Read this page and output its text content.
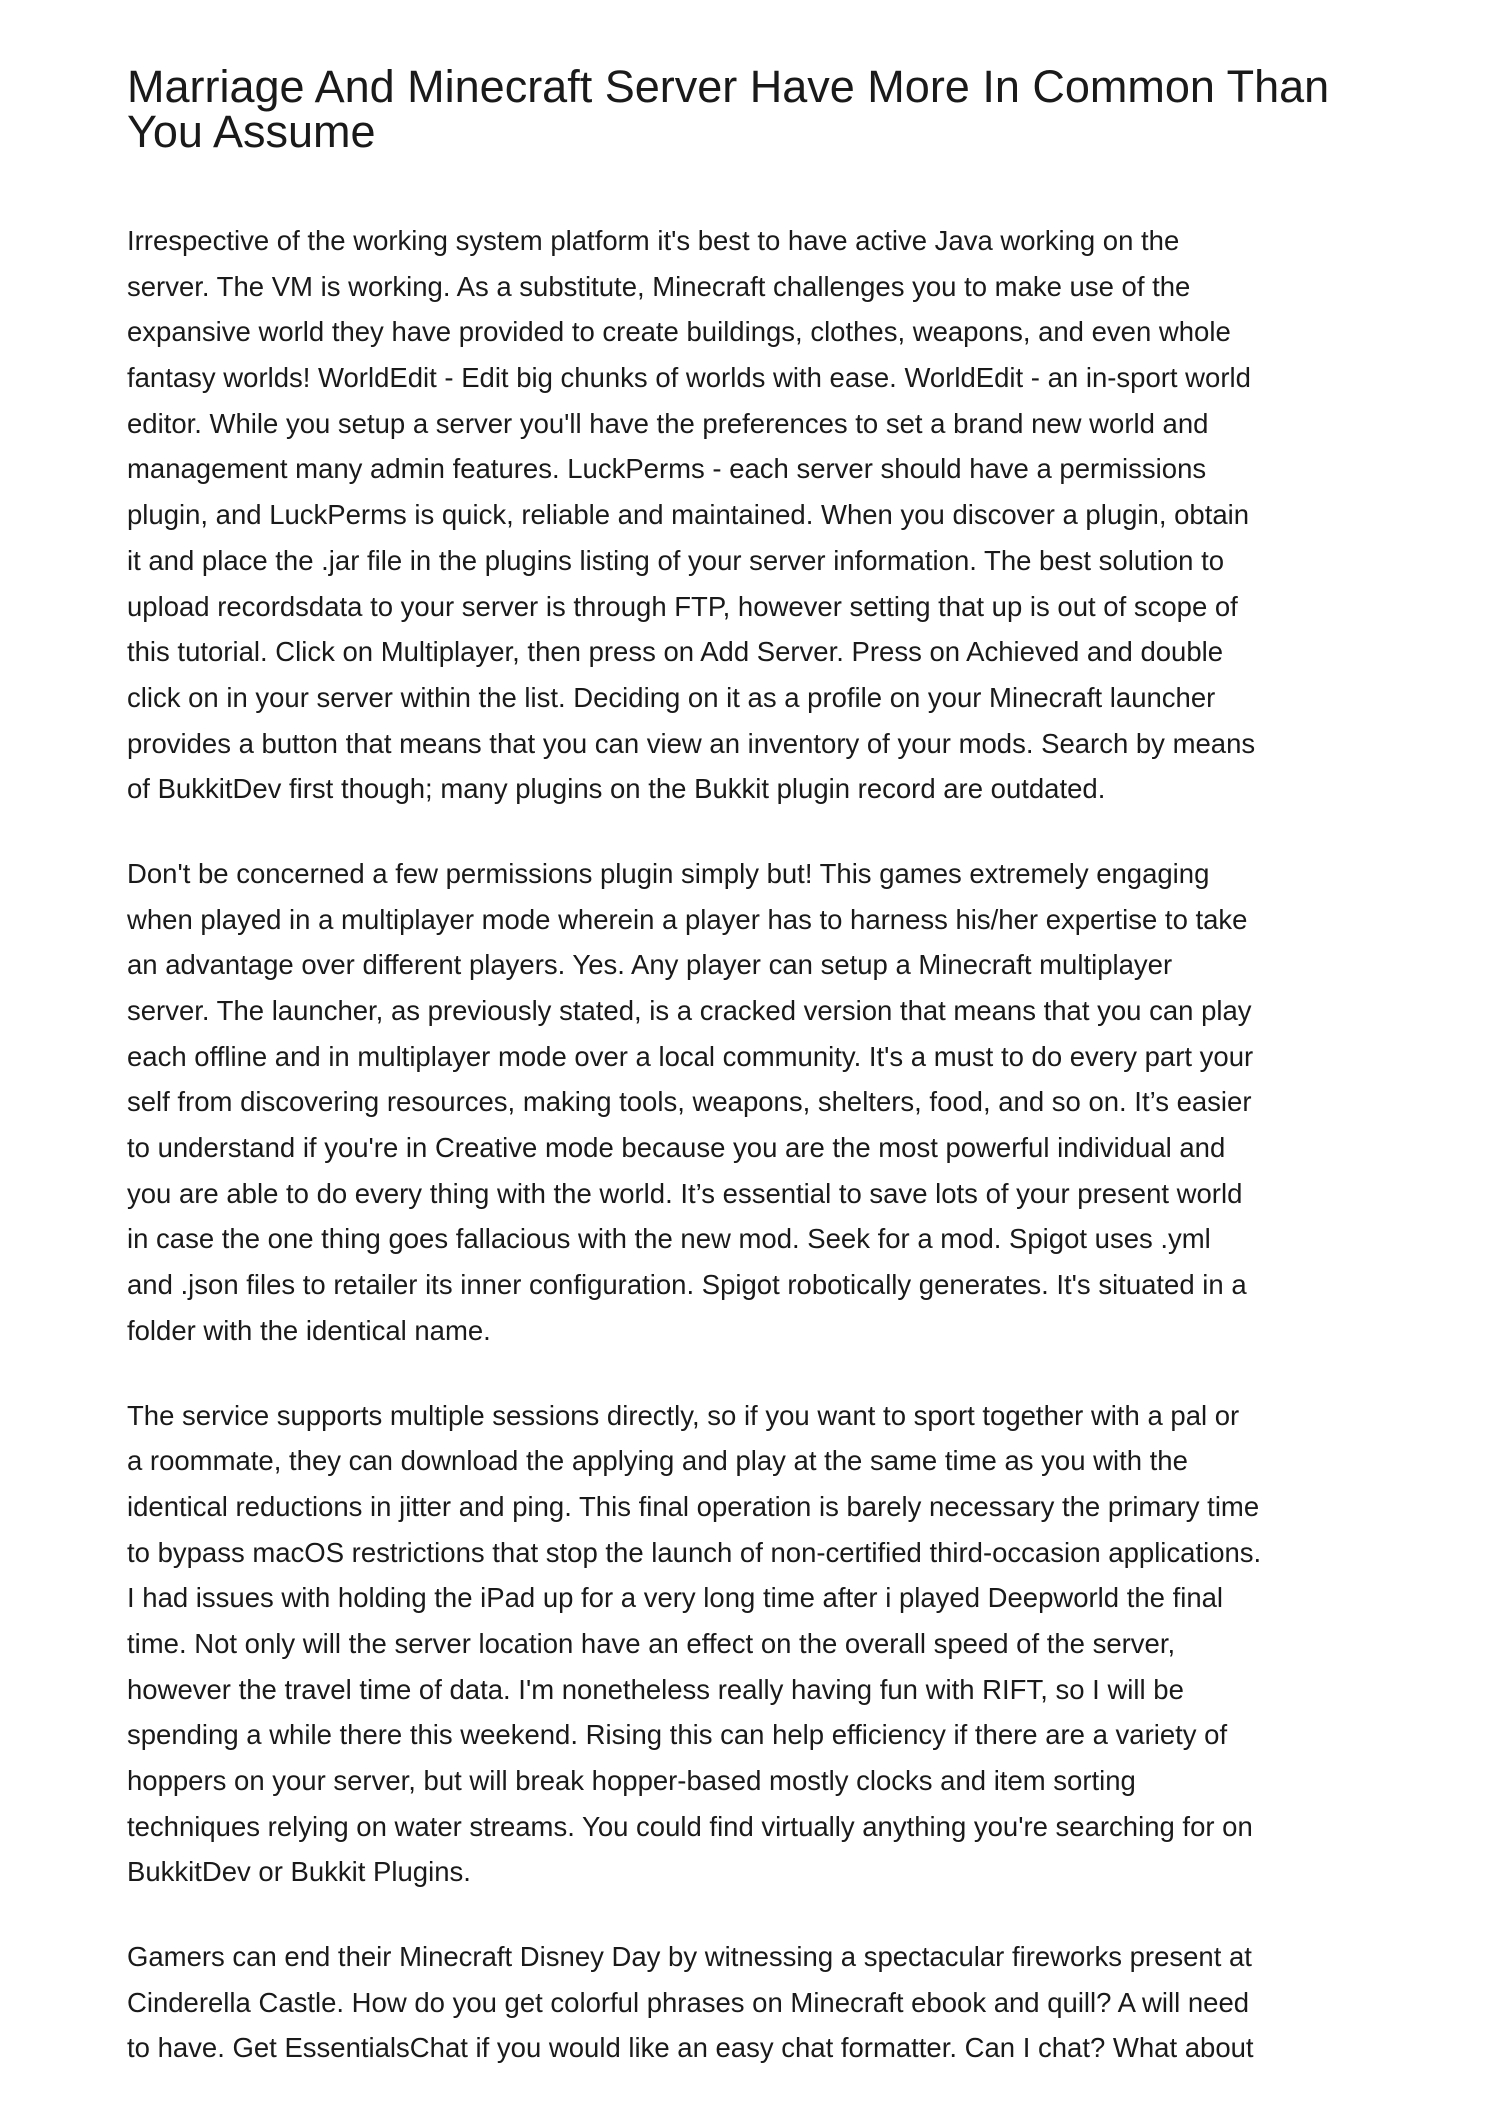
Marriage And Minecraft Server Have More In Common Than
You Assume

Irrespective of the working system platform it's best to have active Java working on the
server. The VM is working. As a substitute, Minecraft challenges you to make use of the
expansive world they have provided to create buildings, clothes, weapons, and even whole
fantasy worlds! WorldEdit - Edit big chunks of worlds with ease. WorldEdit - an in-sport world
editor. While you setup a server you'll have the preferences to set a brand new world and
management many admin features. LuckPerms - each server should have a permissions
plugin, and LuckPerms is quick, reliable and maintained. When you discover a plugin, obtain
it and place the .jar file in the plugins listing of your server information. The best solution to
upload recordsdata to your server is through FTP, however setting that up is out of scope of
this tutorial. Click on Multiplayer, then press on Add Server. Press on Achieved and double
click on in your server within the list. Deciding on it as a profile on your Minecraft launcher
provides a button that means that you can view an inventory of your mods. Search by means
of BukkitDev first though; many plugins on the Bukkit plugin record are outdated.

Don't be concerned a few permissions plugin simply but! This games extremely engaging
when played in a multiplayer mode wherein a player has to harness his/her expertise to take
an advantage over different players. Yes. Any player can setup a Minecraft multiplayer
server. The launcher, as previously stated, is a cracked version that means that you can play
each offline and in multiplayer mode over a local community. It's a must to do every part your
self from discovering resources, making tools, weapons, shelters, food, and so on. It’s easier
to understand if you're in Creative mode because you are the most powerful individual and
you are able to do every thing with the world. It’s essential to save lots of your present world
in case the one thing goes fallacious with the new mod. Seek for a mod. Spigot uses .yml
and .json files to retailer its inner configuration. Spigot robotically generates. It's situated in a
folder with the identical name.

The service supports multiple sessions directly, so if you want to sport together with a pal or
a roommate, they can download the applying and play at the same time as you with the
identical reductions in jitter and ping. This final operation is barely necessary the primary time
to bypass macOS restrictions that stop the launch of non-certified third-occasion applications.
I had issues with holding the iPad up for a very long time after i played Deepworld the final
time. Not only will the server location have an effect on the overall speed of the server,
however the travel time of data. I'm nonetheless really having fun with RIFT, so I will be
spending a while there this weekend. Rising this can help efficiency if there are a variety of
hoppers on your server, but will break hopper-based mostly clocks and item sorting
techniques relying on water streams. You could find virtually anything you're searching for on
BukkitDev or Bukkit Plugins.

Gamers can end their Minecraft Disney Day by witnessing a spectacular fireworks present at
Cinderella Castle. How do you get colorful phrases on Minecraft ebook and quill? A will need
to have. Get EssentialsChat if you would like an easy chat formatter. Can I chat? What about
